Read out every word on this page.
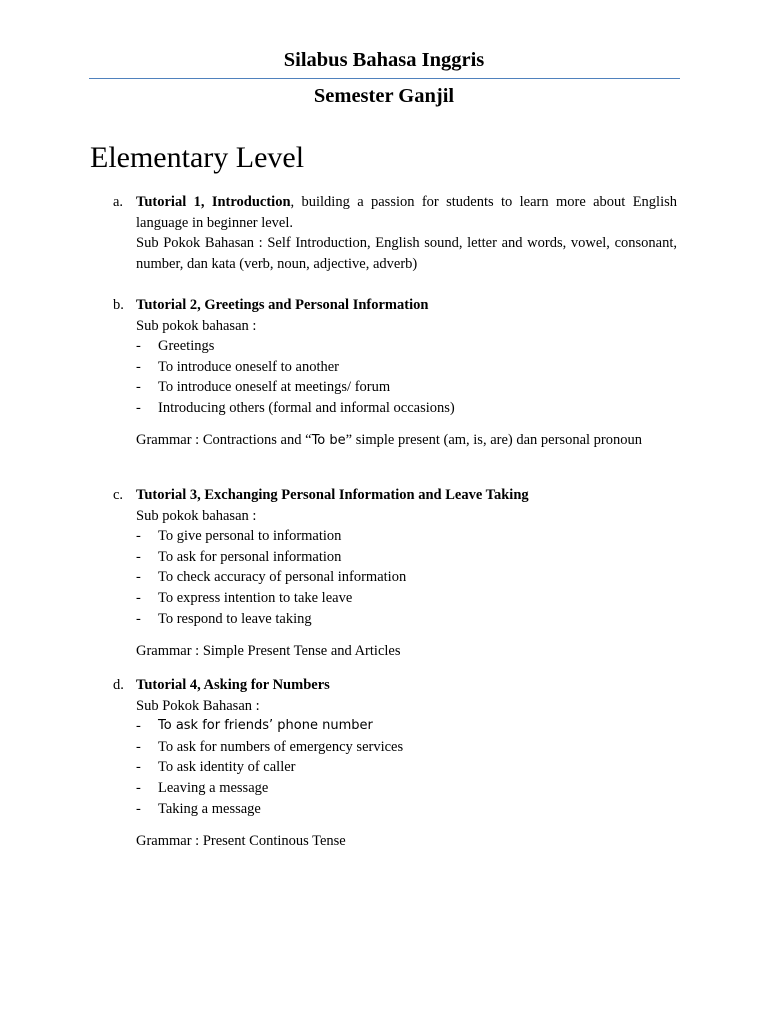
Silabus Bahasa Inggris
Semester Ganjil
Elementary Level
a. Tutorial 1, Introduction, building a passion for students to learn more about English language in beginner level.
Sub Pokok Bahasan : Self Introduction, English sound, letter and words, vowel, consonant, number, dan kata (verb, noun, adjective, adverb)
b. Tutorial 2, Greetings and Personal Information
Sub pokok bahasan :
- Greetings
- To introduce oneself to another
- To introduce oneself at meetings/ forum
- Introducing others (formal and informal occasions)
Grammar : Contractions and “To be” simple present (am, is, are) dan personal pronoun
c. Tutorial 3, Exchanging Personal Information and Leave Taking
Sub pokok bahasan :
- To give personal to information
- To ask for personal information
- To check accuracy of personal information
- To express intention to take leave
- To respond to leave taking
Grammar : Simple Present Tense and Articles
d. Tutorial 4, Asking for Numbers
Sub Pokok Bahasan :
- To ask for friends’ phone number
- To ask for numbers of emergency services
- To ask identity of caller
- Leaving a message
- Taking a message
Grammar : Present Continous Tense
